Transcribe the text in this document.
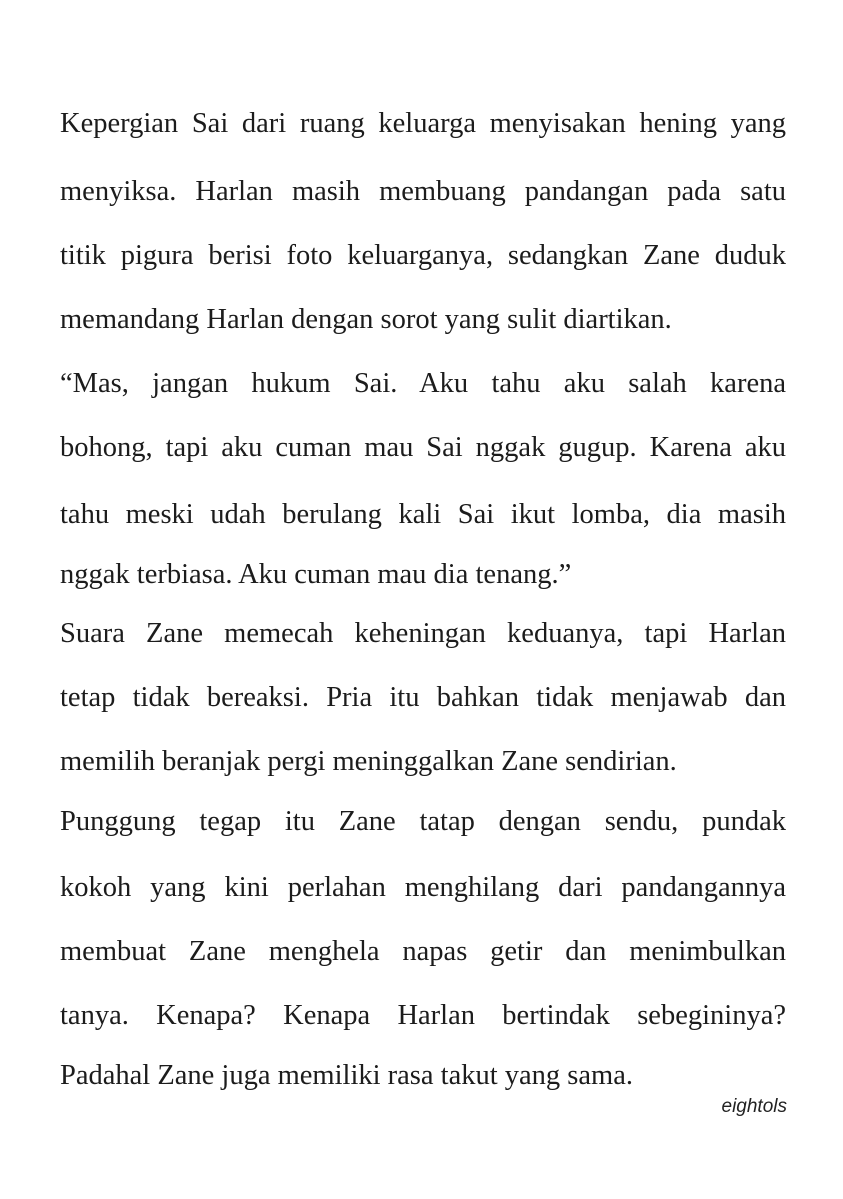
Kepergian Sai dari ruang keluarga menyisakan hening yang

menyiksa. Harlan masih membuang pandangan pada satu

titik pigura berisi foto keluarganya, sedangkan Zane duduk

memandang Harlan dengan sorot yang sulit diartikan.

“Mas, jangan hukum Sai. Aku tahu aku salah karena

bohong, tapi aku cuman mau Sai nggak gugup. Karena aku

tahu meski udah berulang kali Sai ikut lomba, dia masih

nggak terbiasa. Aku cuman mau dia tenang.”

Suara Zane memecah keheningan keduanya, tapi Harlan

tetap tidak bereaksi. Pria itu bahkan tidak menjawab dan

memilih beranjak pergi meninggalkan Zane sendirian.

Punggung tegap itu Zane tatap dengan sendu, pundak

kokoh yang kini perlahan menghilang dari pandangannya

membuat Zane menghela napas getir dan menimbulkan

tanya. Kenapa? Kenapa Harlan bertindak sebegininya?

Padahal Zane juga memiliki rasa takut yang sama.

eightols
